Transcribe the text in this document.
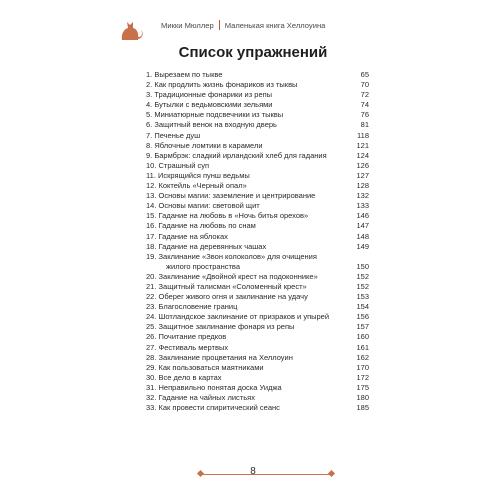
Микки Мюллер Маленькая книга Хеллоуина
Список упражнений
1. Вырезаем по тыкве	65
2. Как продлить жизнь фонариков из тыквы	70
3. Традиционные фонарики из репы	72
4. Бутылки с ведьмовскими зельями	74
5. Миниатюрные подсвечники из тыквы	76
6. Защитный венок на входную дверь	81
7. Печенье душ	118
8. Яблочные ломтики в карамели	121
9. Бармбрэк: сладкий ирландский хлеб для гадания	124
10. Страшный суп	126
11. Искрящийся пунш ведьмы	127
12. Коктейль «Черный опал»	128
13. Основы магии: заземление и центрирование	132
14. Основы магии: световой щит	133
15. Гадание на любовь в «Ночь битья орехов»	146
16. Гадание на любовь по снам	147
17. Гадание на яблоках	148
18. Гадание на деревянных чашах	149
19. Заклинание «Звон колоколов» для очищения
жилого пространства	150
20. Заклинание «Двойной крест на подоконнике»	152
21. Защитный талисман «Соломенный крест»	152
22. Оберег живого огня и заклинание на удачу	153
23. Благословение границ	154
24. Шотландское заклинание от призраков и упырей	156
25. Защитное заклинание фонаря из репы	157
26. Почитание предков	160
27. Фестиваль мертвых	161
28. Заклинание процветания на Хеллоуин	162
29. Как пользоваться маятниками	170
30. Все дело в картах	172
31. Неправильно понятая доска Уиджа	175
32. Гадание на чайных листьях	180
33. Как провести спиритический сеанс	185
8
